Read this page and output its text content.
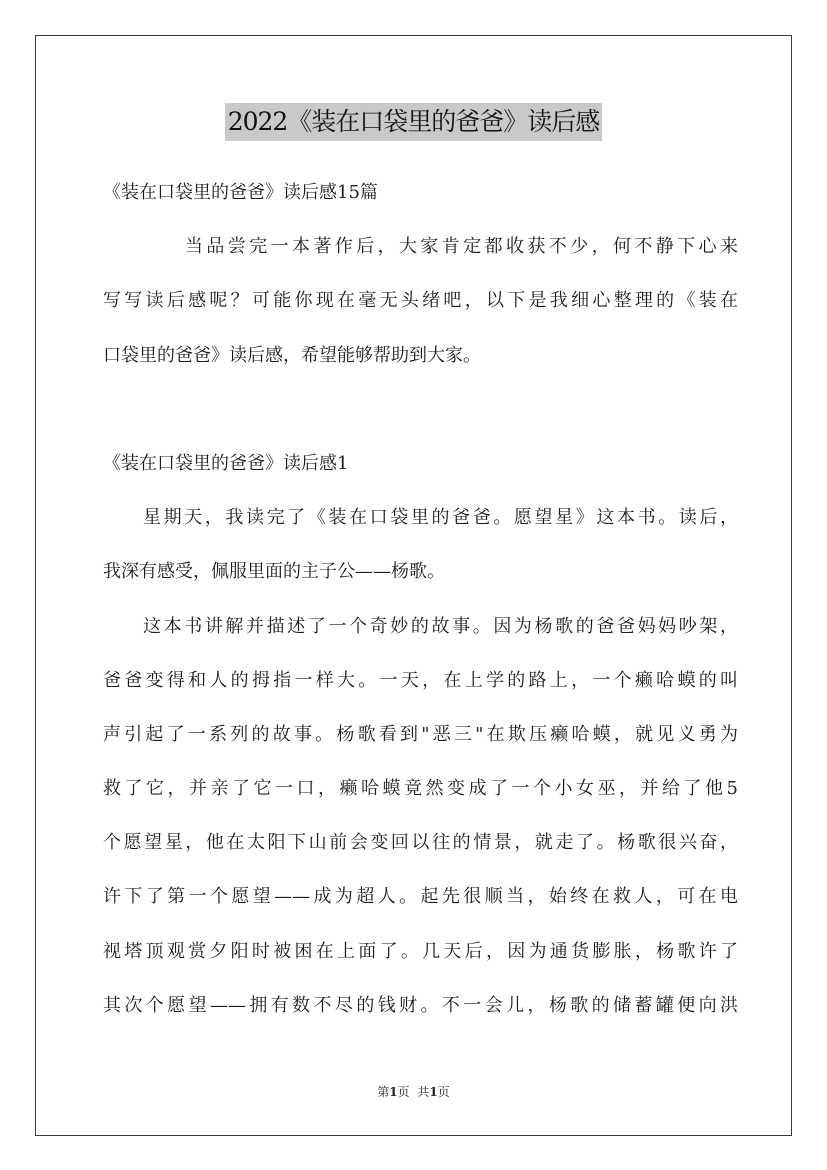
2022《装在口袋里的爸爸》读后感
《装在口袋里的爸爸》读后感15篇
当品尝完一本著作后，大家肯定都收获不少，何不静下心来
写写读后感呢？可能你现在毫无头绪吧，以下是我细心整理的《装在
口袋里的爸爸》读后感，希望能够帮助到大家。
《装在口袋里的爸爸》读后感1
星期天，我读完了《装在口袋里的爸爸。愿望星》这本书。读后，
我深有感受，佩服里面的主子公——杨歌。
这本书讲解并描述了一个奇妙的故事。因为杨歌的爸爸妈妈吵架，
爸爸变得和人的拇指一样大。一天，在上学的路上，一个癞哈蟆的叫
声引起了一系列的故事。杨歌看到"恶三"在欺压癞哈蟆，就见义勇为
救了它，并亲了它一口，癞哈蟆竟然变成了一个小女巫，并给了他5
个愿望星，他在太阳下山前会变回以往的情景，就走了。杨歌很兴奋，
许下了第一个愿望——成为超人。起先很顺当，始终在救人，可在电
视塔顶观赏夕阳时被困在上面了。几天后，因为通货膨胀，杨歌许了
其次个愿望——拥有数不尽的钱财。不一会儿，杨歌的储蓄罐便向洪
第1页 共1页
